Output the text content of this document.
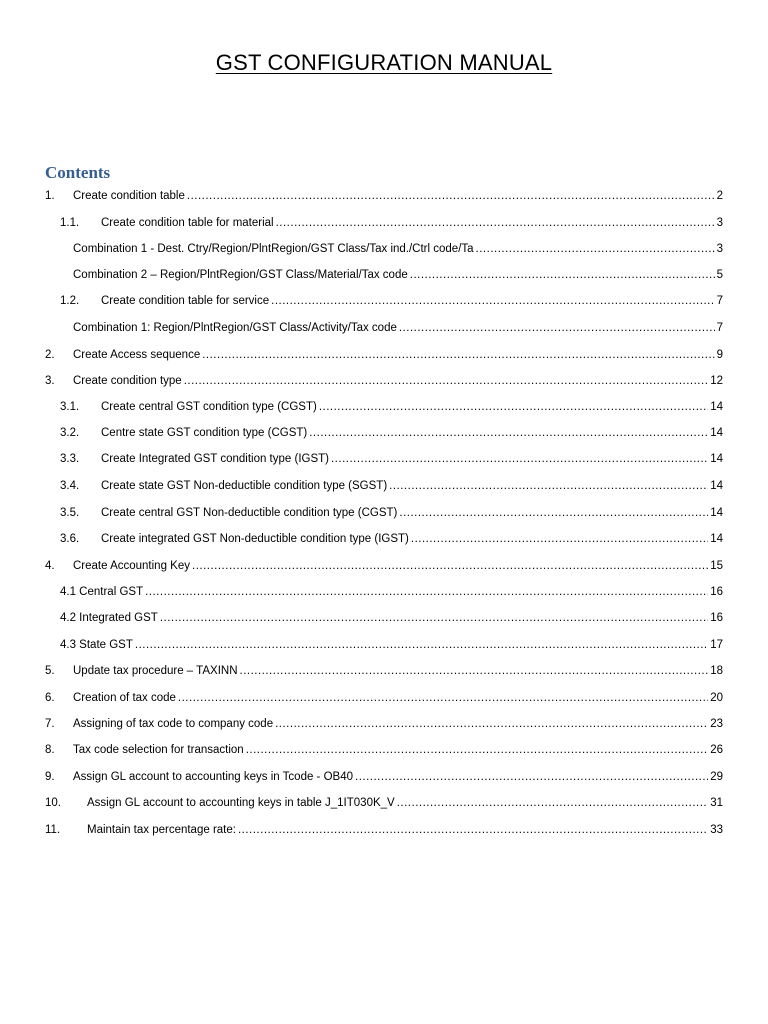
GST CONFIGURATION MANUAL
Contents
1.	Create condition table .....	2
1.1.	Create condition table for material .....	3
Combination 1 - Dest. Ctry/Region/PlntRegion/GST Class/Tax ind./Ctrl code/Ta .....	3
Combination 2 – Region/PlntRegion/GST Class/Material/Tax code .....	5
1.2.	Create condition table for service .....	7
Combination 1: Region/PlntRegion/GST Class/Activity/Tax code .....	7
2.	Create Access sequence .....	9
3.	Create condition type .....	12
3.1.	Create central GST condition type (CGST) .....	14
3.2.	Centre state GST condition type (CGST) .....	14
3.3.	Create Integrated GST condition type (IGST) .....	14
3.4.	Create state GST Non-deductible condition type (SGST) .....	14
3.5.	Create central GST Non-deductible condition type (CGST) .....	14
3.6.	Create integrated GST Non-deductible condition type (IGST) .....	14
4.	Create Accounting Key .....	15
4.1 Central GST .....	16
4.2 Integrated GST .....	16
4.3 State GST .....	17
5.	Update tax procedure – TAXINN .....	18
6.	Creation of tax code .....	20
7.	Assigning of tax code to company code .....	23
8.	Tax code selection for transaction .....	26
9.	Assign GL account to accounting keys in Tcode - OB40 .....	29
10.	Assign GL account to accounting keys in table J_1IT030K_V .....	31
11.	Maintain tax percentage rate: .....	33
